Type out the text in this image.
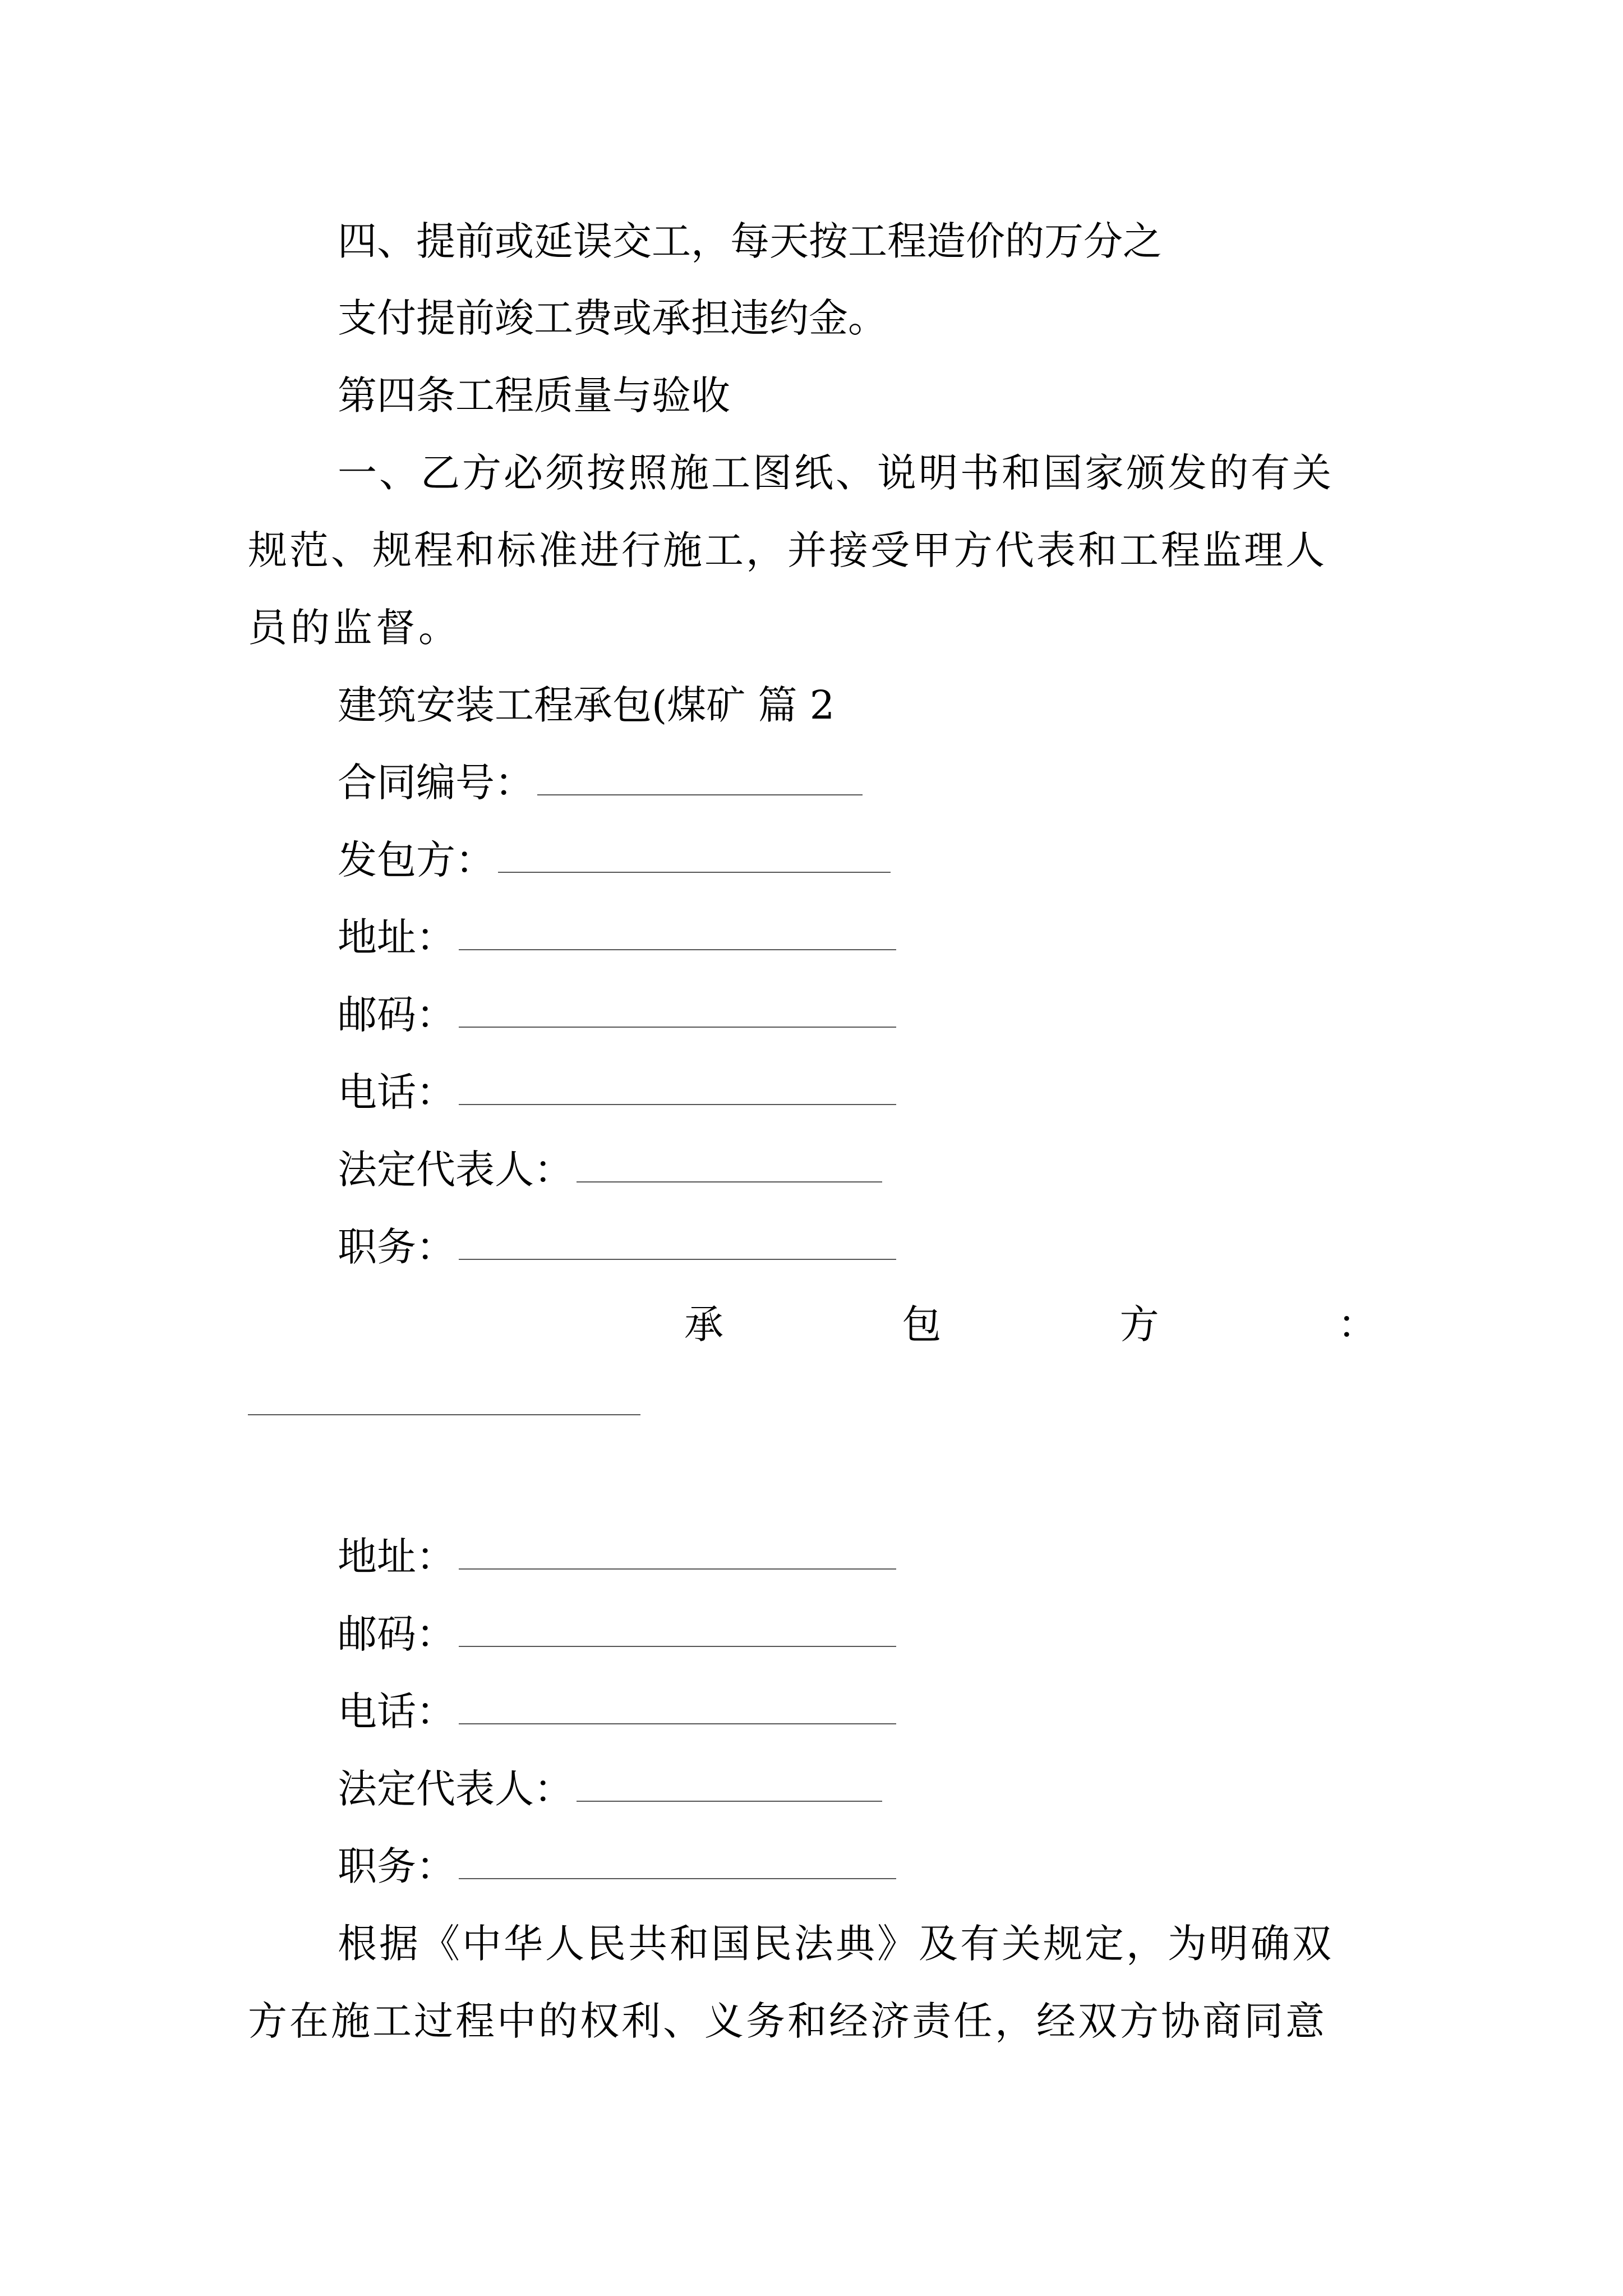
四、提前或延误交工，每天按工程造价的万分之
支付提前竣工费或承担违约金。
第四条工程质量与验收
一、乙方必须按照施工图纸、说明书和国家颁发的有关
规范、规程和标准进行施工，并接受甲方代表和工程监理人
员的监督。
建筑安装工程承包(煤矿 篇 2
合同编号：
发包方：
地址：
邮码：
电话：
法定代表人：
职务：
承	包	方	：
地址：
邮码：
电话：
法定代表人：
职务：
根据《中华人民共和国民法典》及有关规定，为明确双
方在施工过程中的权利、义务和经济责任，经双方协商同意
